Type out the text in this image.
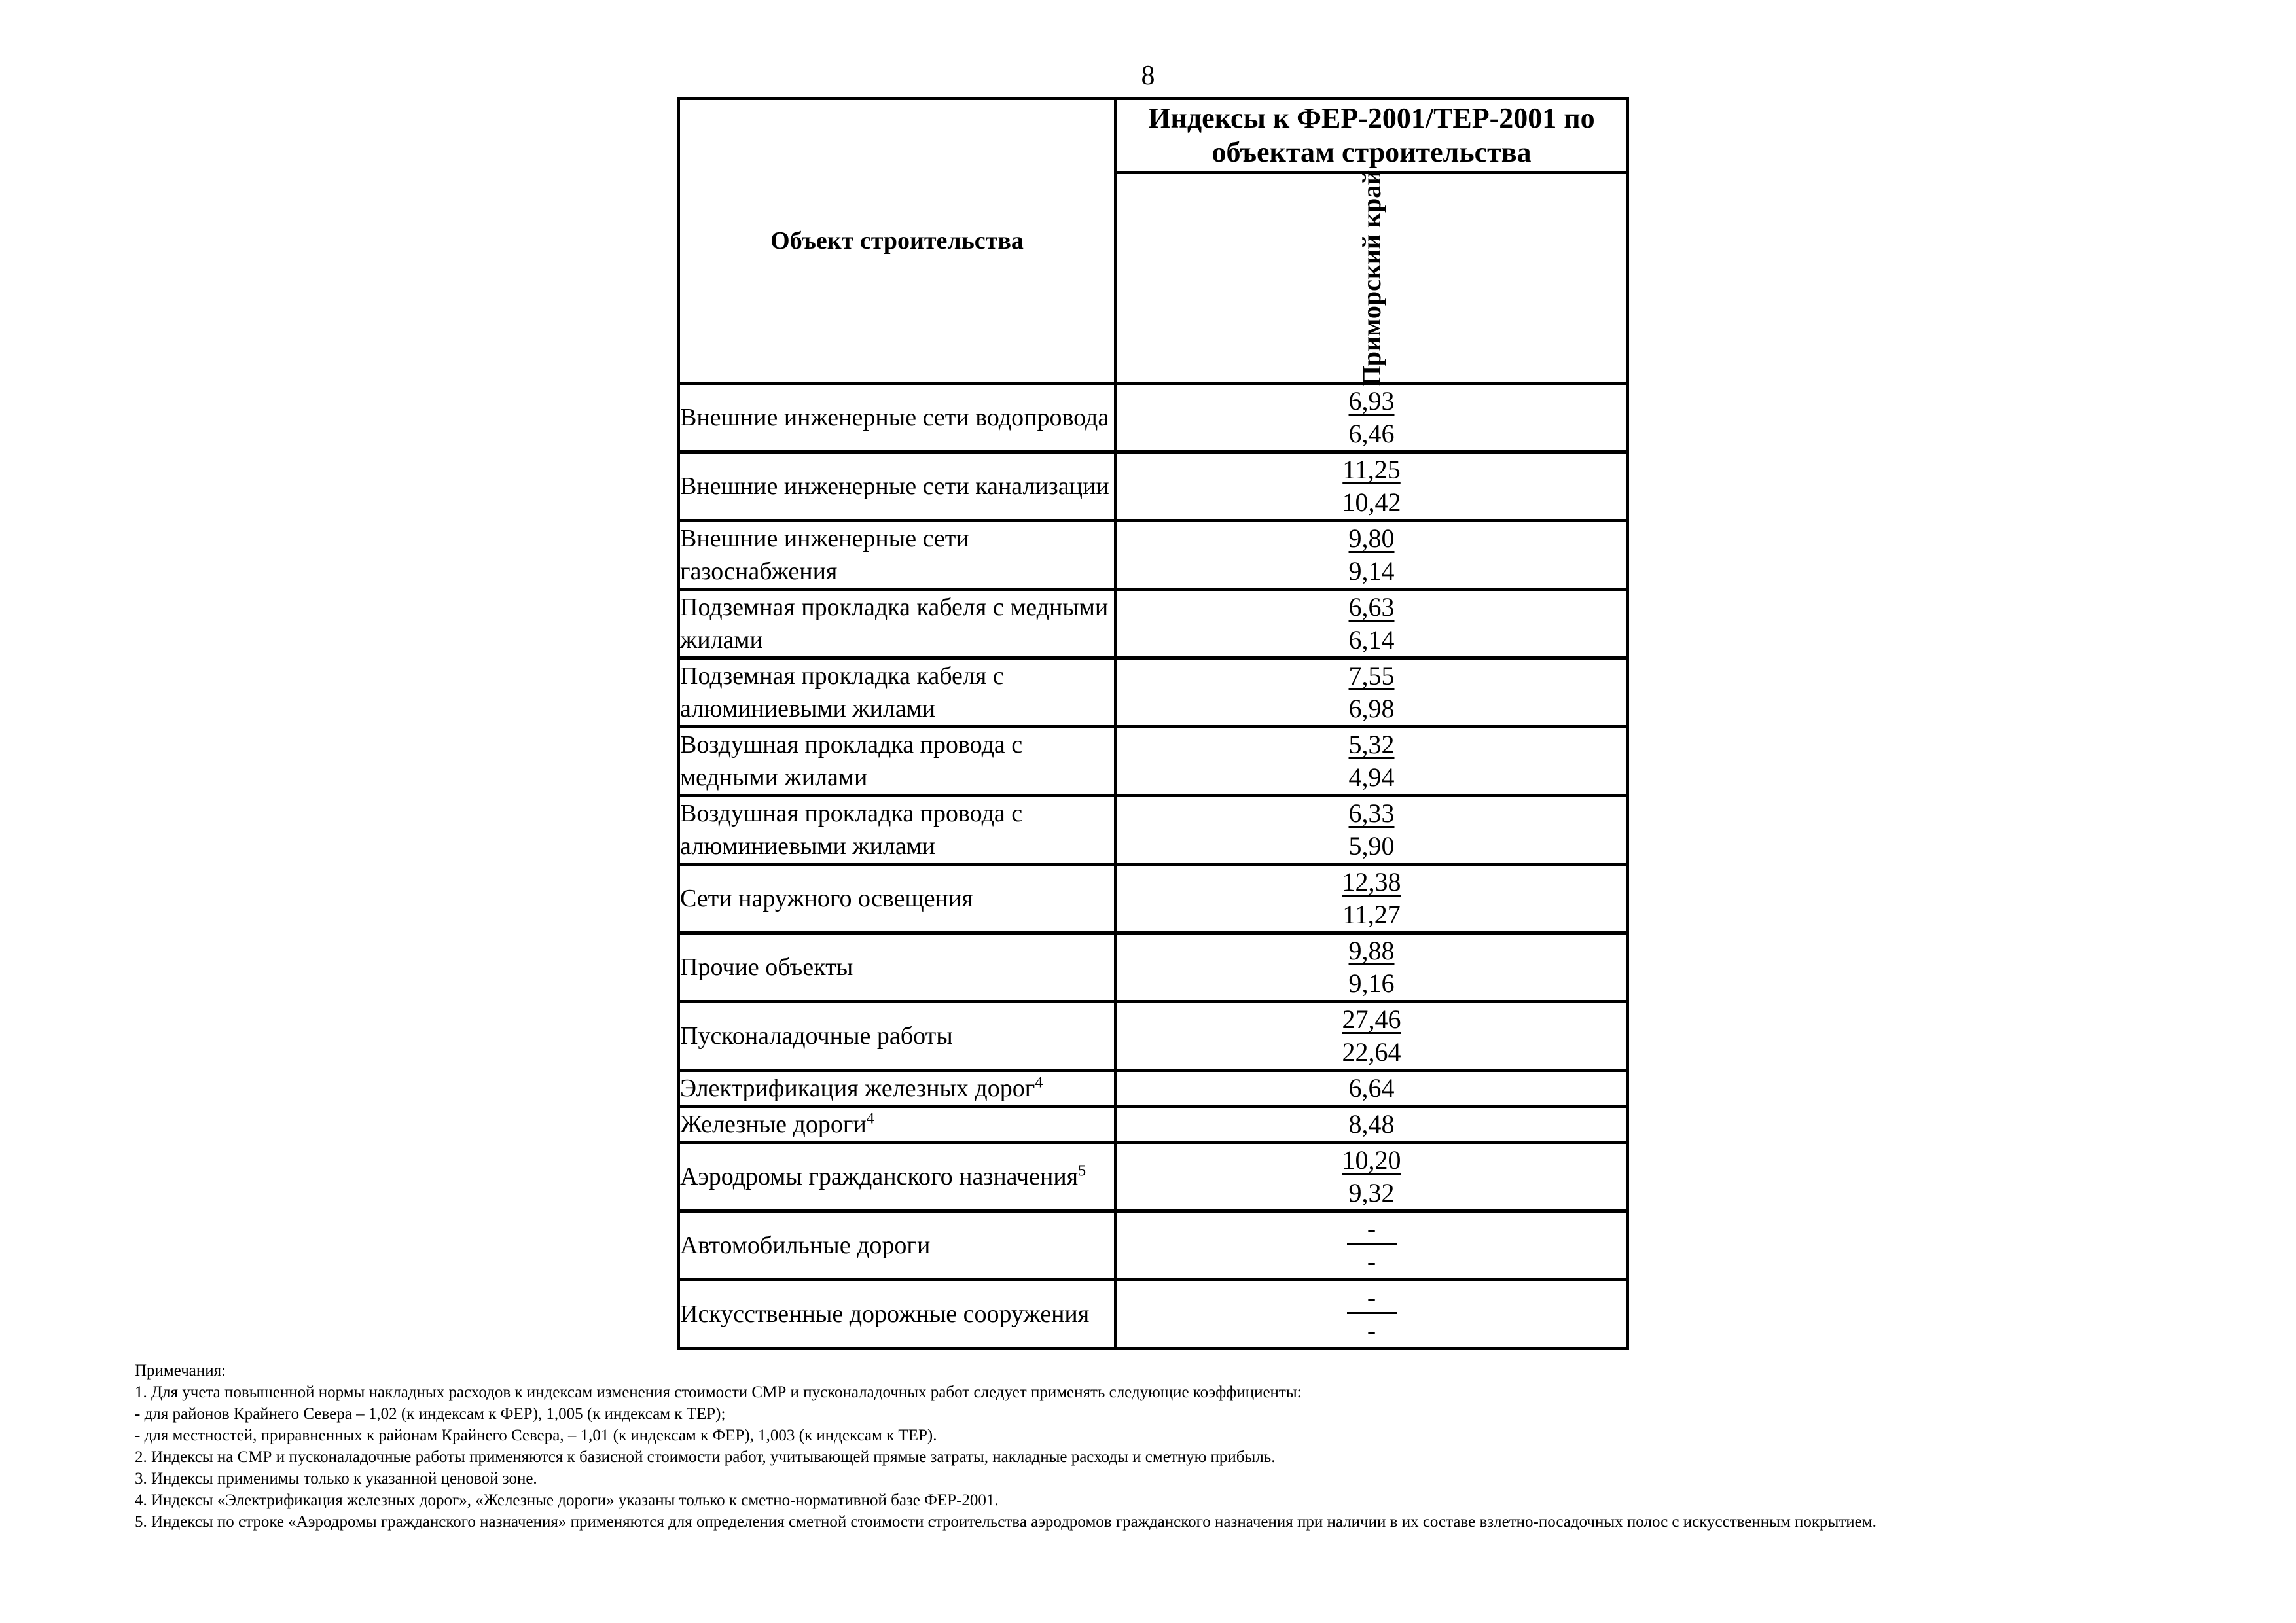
8
Объект строительства	Индексы к ФЕР-2001/ТЕР-2001 по объектам строительства

	Приморский край

Внешние инженерные сети водопровода	6,93
6,46

Внешние инженерные сети канализации	11,25
10,42

Внешние инженерные сети газоснабжения	9,80
9,14

Подземная прокладка кабеля с медными жилами	6,63
6,14

Подземная прокладка кабеля с алюминиевыми жилами	7,55
6,98

Воздушная прокладка провода с медными жилами	5,32
4,94

Воздушная прокладка провода с алюминиевыми жилами	6,33
5,90

Сети наружного освещения	12,38
11,27

Прочие объекты	9,88
9,16

Пусконаладочные работы	27,46
22,64

Электрификация железных дорог$^4$	6,64

Железные дороги$^4$	8,48

Аэродромы гражданского назначения$^5$	10,20
9,32

Автомобильные дороги	-
-

Искусственные дорожные сооружения	-
-
Примечания:
1. Для учета повышенной нормы накладных расходов к индексам изменения стоимости СМР и пусконаладочных работ следует применять следующие коэффициенты:
- для районов Крайнего Севера – 1,02 (к индексам к ФЕР), 1,005 (к индексам к ТЕР);
- для местностей, приравненных к районам Крайнего Севера, – 1,01 (к индексам к ФЕР), 1,003 (к индексам к ТЕР).
2. Индексы на СМР и пусконаладочные работы применяются к базисной стоимости работ, учитывающей прямые затраты, накладные расходы и сметную прибыль.
3. Индексы применимы только к указанной ценовой зоне.
4. Индексы «Электрификация железных дорог», «Железные дороги» указаны только к сметно-нормативной базе ФЕР-2001.
5. Индексы по строке «Аэродромы гражданского назначения» применяются для определения сметной стоимости строительства аэродромов гражданского назначения при наличии в их составе взлетно-посадочных полос с искусственным покрытием.
